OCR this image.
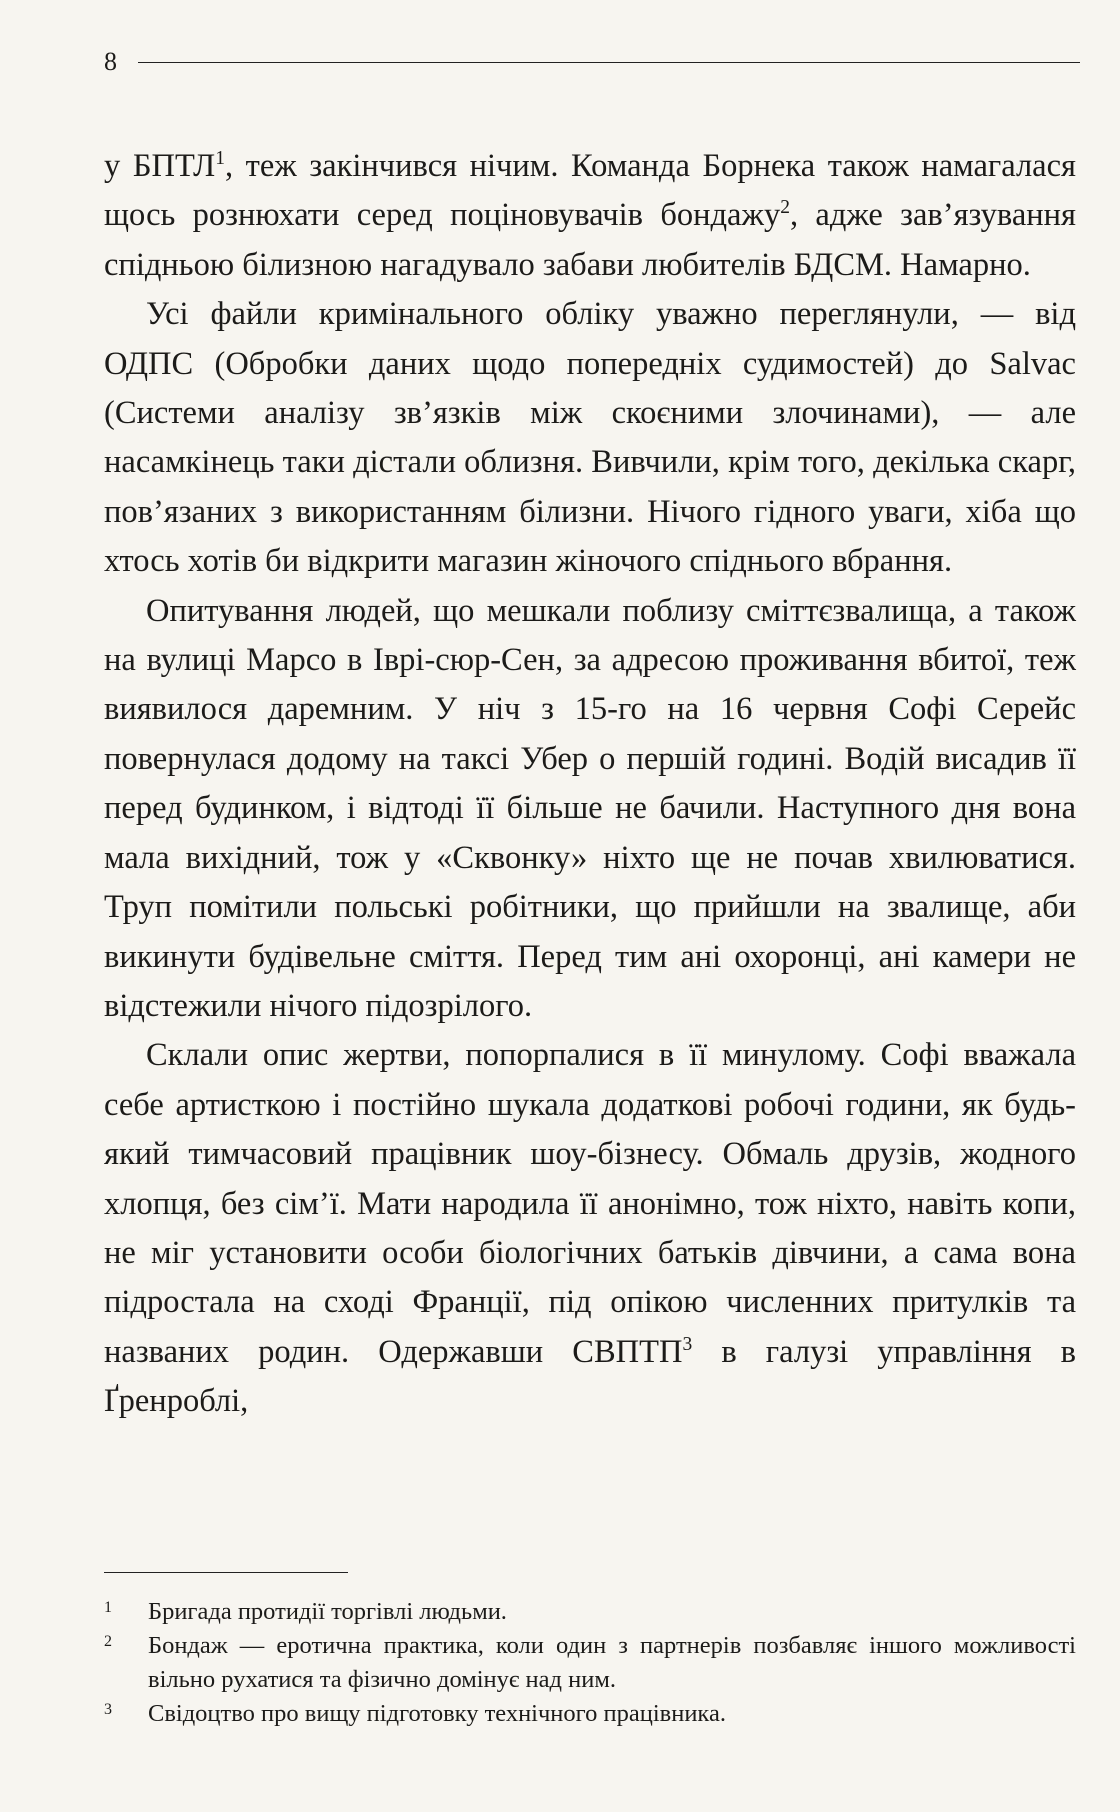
8

у БПТЛ$^1$, теж закінчився нічим. Команда Борнека також намагалася щось рознюхати серед поціновувачів бондажу$^2$, адже зав’язування спідньою білизною нагадувало забави любителів БДСМ. Намарно.

Усі файли кримінального обліку уважно переглянули, — від ОДПС (Обробки даних щодо попередніх судимостей) до Salvac (Системи аналізу зв’язків між скоєними злочинами), — але насамкінець таки дістали облизня. Вивчили, крім того, декілька скарг, пов’язаних з використанням білизни. Нічого гідного уваги, хіба що хтось хотів би відкрити магазин жіночого спіднього вбрання.

Опитування людей, що мешкали поблизу сміттєзвалища, а також на вулиці Марсо в Іврі-сюр-Сен, за адресою проживання вбитої, теж виявилося даремним. У ніч з 15-го на 16 червня Софі Серейс повернулася додому на таксі Убер о першій годині. Водій висадив її перед будинком, і відтоді її більше не бачили. Наступного дня вона мала вихідний, тож у «Сквонку» ніхто ще не почав хвилюватися. Труп помітили польські робітники, що прийшли на звалище, аби викинути будівельне сміття. Перед тим ані охоронці, ані камери не відстежили нічого підозрілого.

Склали опис жертви, попорпалися в її минулому. Софі вважала себе артисткою і постійно шукала додаткові робочі години, як будь-який тимчасовий працівник шоу-бізнесу. Обмаль друзів, жодного хлопця, без сім’ї. Мати народила її анонімно, тож ніхто, навіть копи, не міг установити особи біологічних батьків дівчини, а сама вона підростала на сході Франції, під опікою численних притулків та названих родин. Одержавши СВПТП$^3$ в галузі управління в Ґренроблі,

1 Бригада протидії торгівлі людьми.

2 Бондаж — еротична практика, коли один з партнерів позбавляє іншого можливості вільно рухатися та фізично домінує над ним.

3 Свідоцтво про вищу підготовку технічного працівника.
